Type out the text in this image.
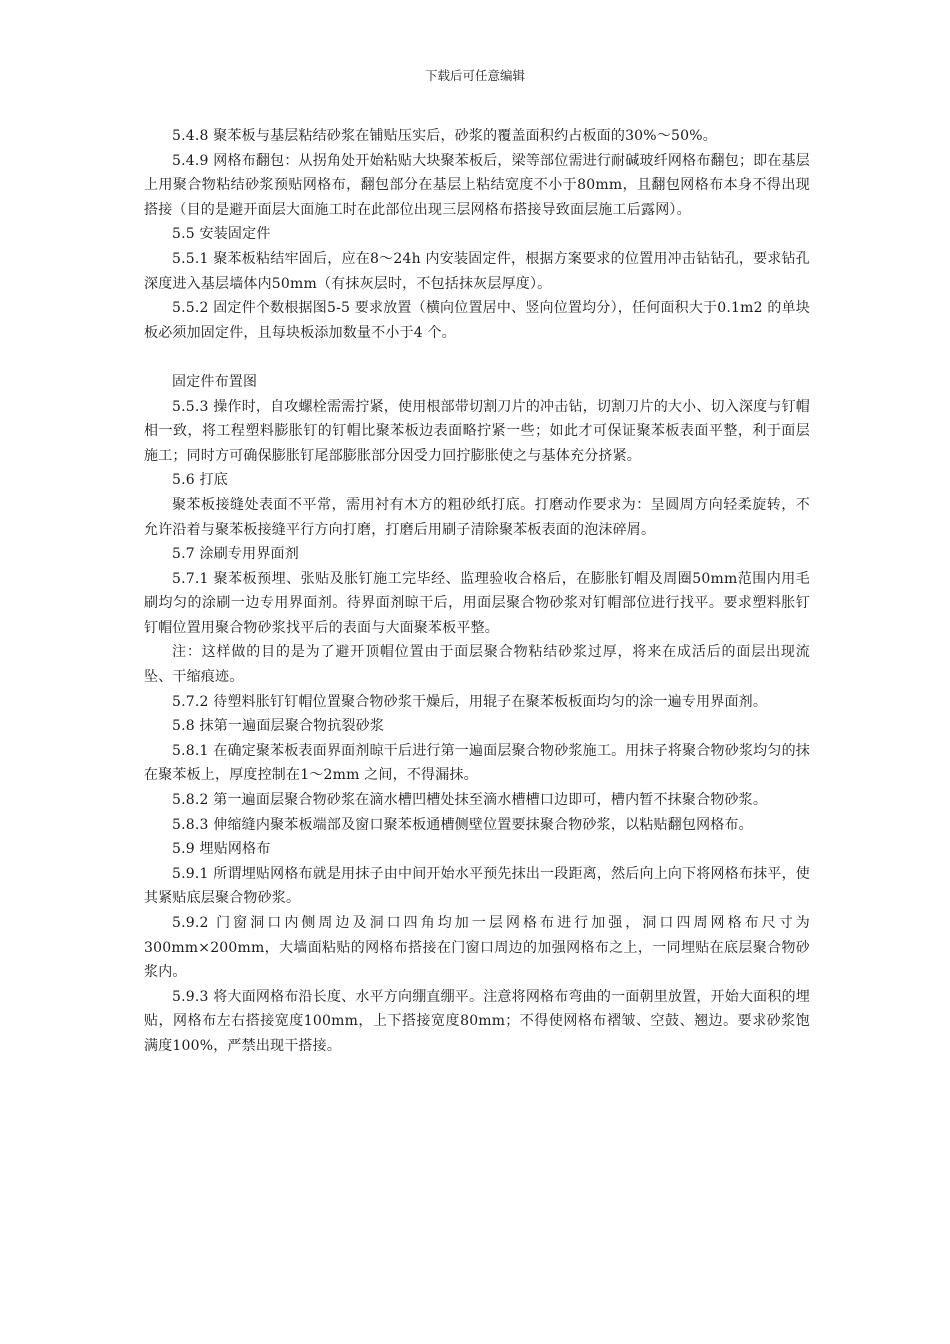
下载后可任意编辑

5.4.8 聚苯板与基层粘结砂浆在铺贴压实后，砂浆的覆盖面积约占板面的30%～50%。

5.4.9 网格布翻包：从拐角处开始粘贴大块聚苯板后，梁等部位需进行耐碱玻纤网格布翻包；即在基层上用聚合物粘结砂浆预贴网格布，翻包部分在基层上粘结宽度不小于80mm，且翻包网格布本身不得出现搭接（目的是避开面层大面施工时在此部位出现三层网格布搭接导致面层施工后露网）。

5.5 安装固定件

5.5.1 聚苯板粘结牢固后，应在8～24h 内安装固定件，根据方案要求的位置用冲击钻钻孔，要求钻孔深度进入基层墙体内50mm（有抹灰层时，不包括抹灰层厚度）。

5.5.2 固定件个数根据图5-5 要求放置（横向位置居中、竖向位置均分），任何面积大于0.1m2 的单块板必须加固定件，且每块板添加数量不小于4 个。

固定件布置图

5.5.3 操作时，自攻螺栓需需拧紧，使用根部带切割刀片的冲击钻，切割刀片的大小、切入深度与钉帽相一致，将工程塑料膨胀钉的钉帽比聚苯板边表面略拧紧一些；如此才可保证聚苯板表面平整，利于面层施工；同时方可确保膨胀钉尾部膨胀部分因受力回拧膨胀使之与基体充分挤紧。

5.6 打底

聚苯板接缝处表面不平常，需用衬有木方的粗砂纸打底。打磨动作要求为：呈圆周方向轻柔旋转，不允许沿着与聚苯板接缝平行方向打磨，打磨后用刷子清除聚苯板表面的泡沫碎屑。

5.7 涂刷专用界面剂

5.7.1 聚苯板预埋、张贴及胀钉施工完毕经、监理验收合格后，在膨胀钉帽及周圈50mm范围内用毛刷均匀的涂刷一边专用界面剂。待界面剂晾干后，用面层聚合物砂浆对钉帽部位进行找平。要求塑料胀钉钉帽位置用聚合物砂浆找平后的表面与大面聚苯板平整。

注：这样做的目的是为了避开顶帽位置由于面层聚合物粘结砂浆过厚，将来在成活后的面层出现流坠、干缩痕迹。

5.7.2 待塑料胀钉钉帽位置聚合物砂浆干燥后，用辊子在聚苯板板面均匀的涂一遍专用界面剂。

5.8 抹第一遍面层聚合物抗裂砂浆

5.8.1 在确定聚苯板表面界面剂晾干后进行第一遍面层聚合物砂浆施工。用抹子将聚合物砂浆均匀的抹在聚苯板上，厚度控制在1～2mm 之间，不得漏抹。

5.8.2 第一遍面层聚合物砂浆在滴水槽凹槽处抹至滴水槽槽口边即可，槽内暂不抹聚合物砂浆。

5.8.3 伸缩缝内聚苯板端部及窗口聚苯板通槽侧壁位置要抹聚合物砂浆，以粘贴翻包网格布。

5.9 埋贴网格布

5.9.1 所谓埋贴网格布就是用抹子由中间开始水平预先抹出一段距离，然后向上向下将网格布抹平，使其紧贴底层聚合物砂浆。

5.9.2 门窗洞口内侧周边及洞口四角均加一层网格布进行加强，洞口四周网格布尺寸为300mm×200mm，大墙面粘贴的网格布搭接在门窗口周边的加强网格布之上，一同埋贴在底层聚合物砂浆内。

5.9.3 将大面网格布沿长度、水平方向绷直绷平。注意将网格布弯曲的一面朝里放置，开始大面积的埋贴，网格布左右搭接宽度100mm，上下搭接宽度80mm；不得使网格布褶皱、空鼓、翘边。要求砂浆饱满度100%，严禁出现干搭接。
